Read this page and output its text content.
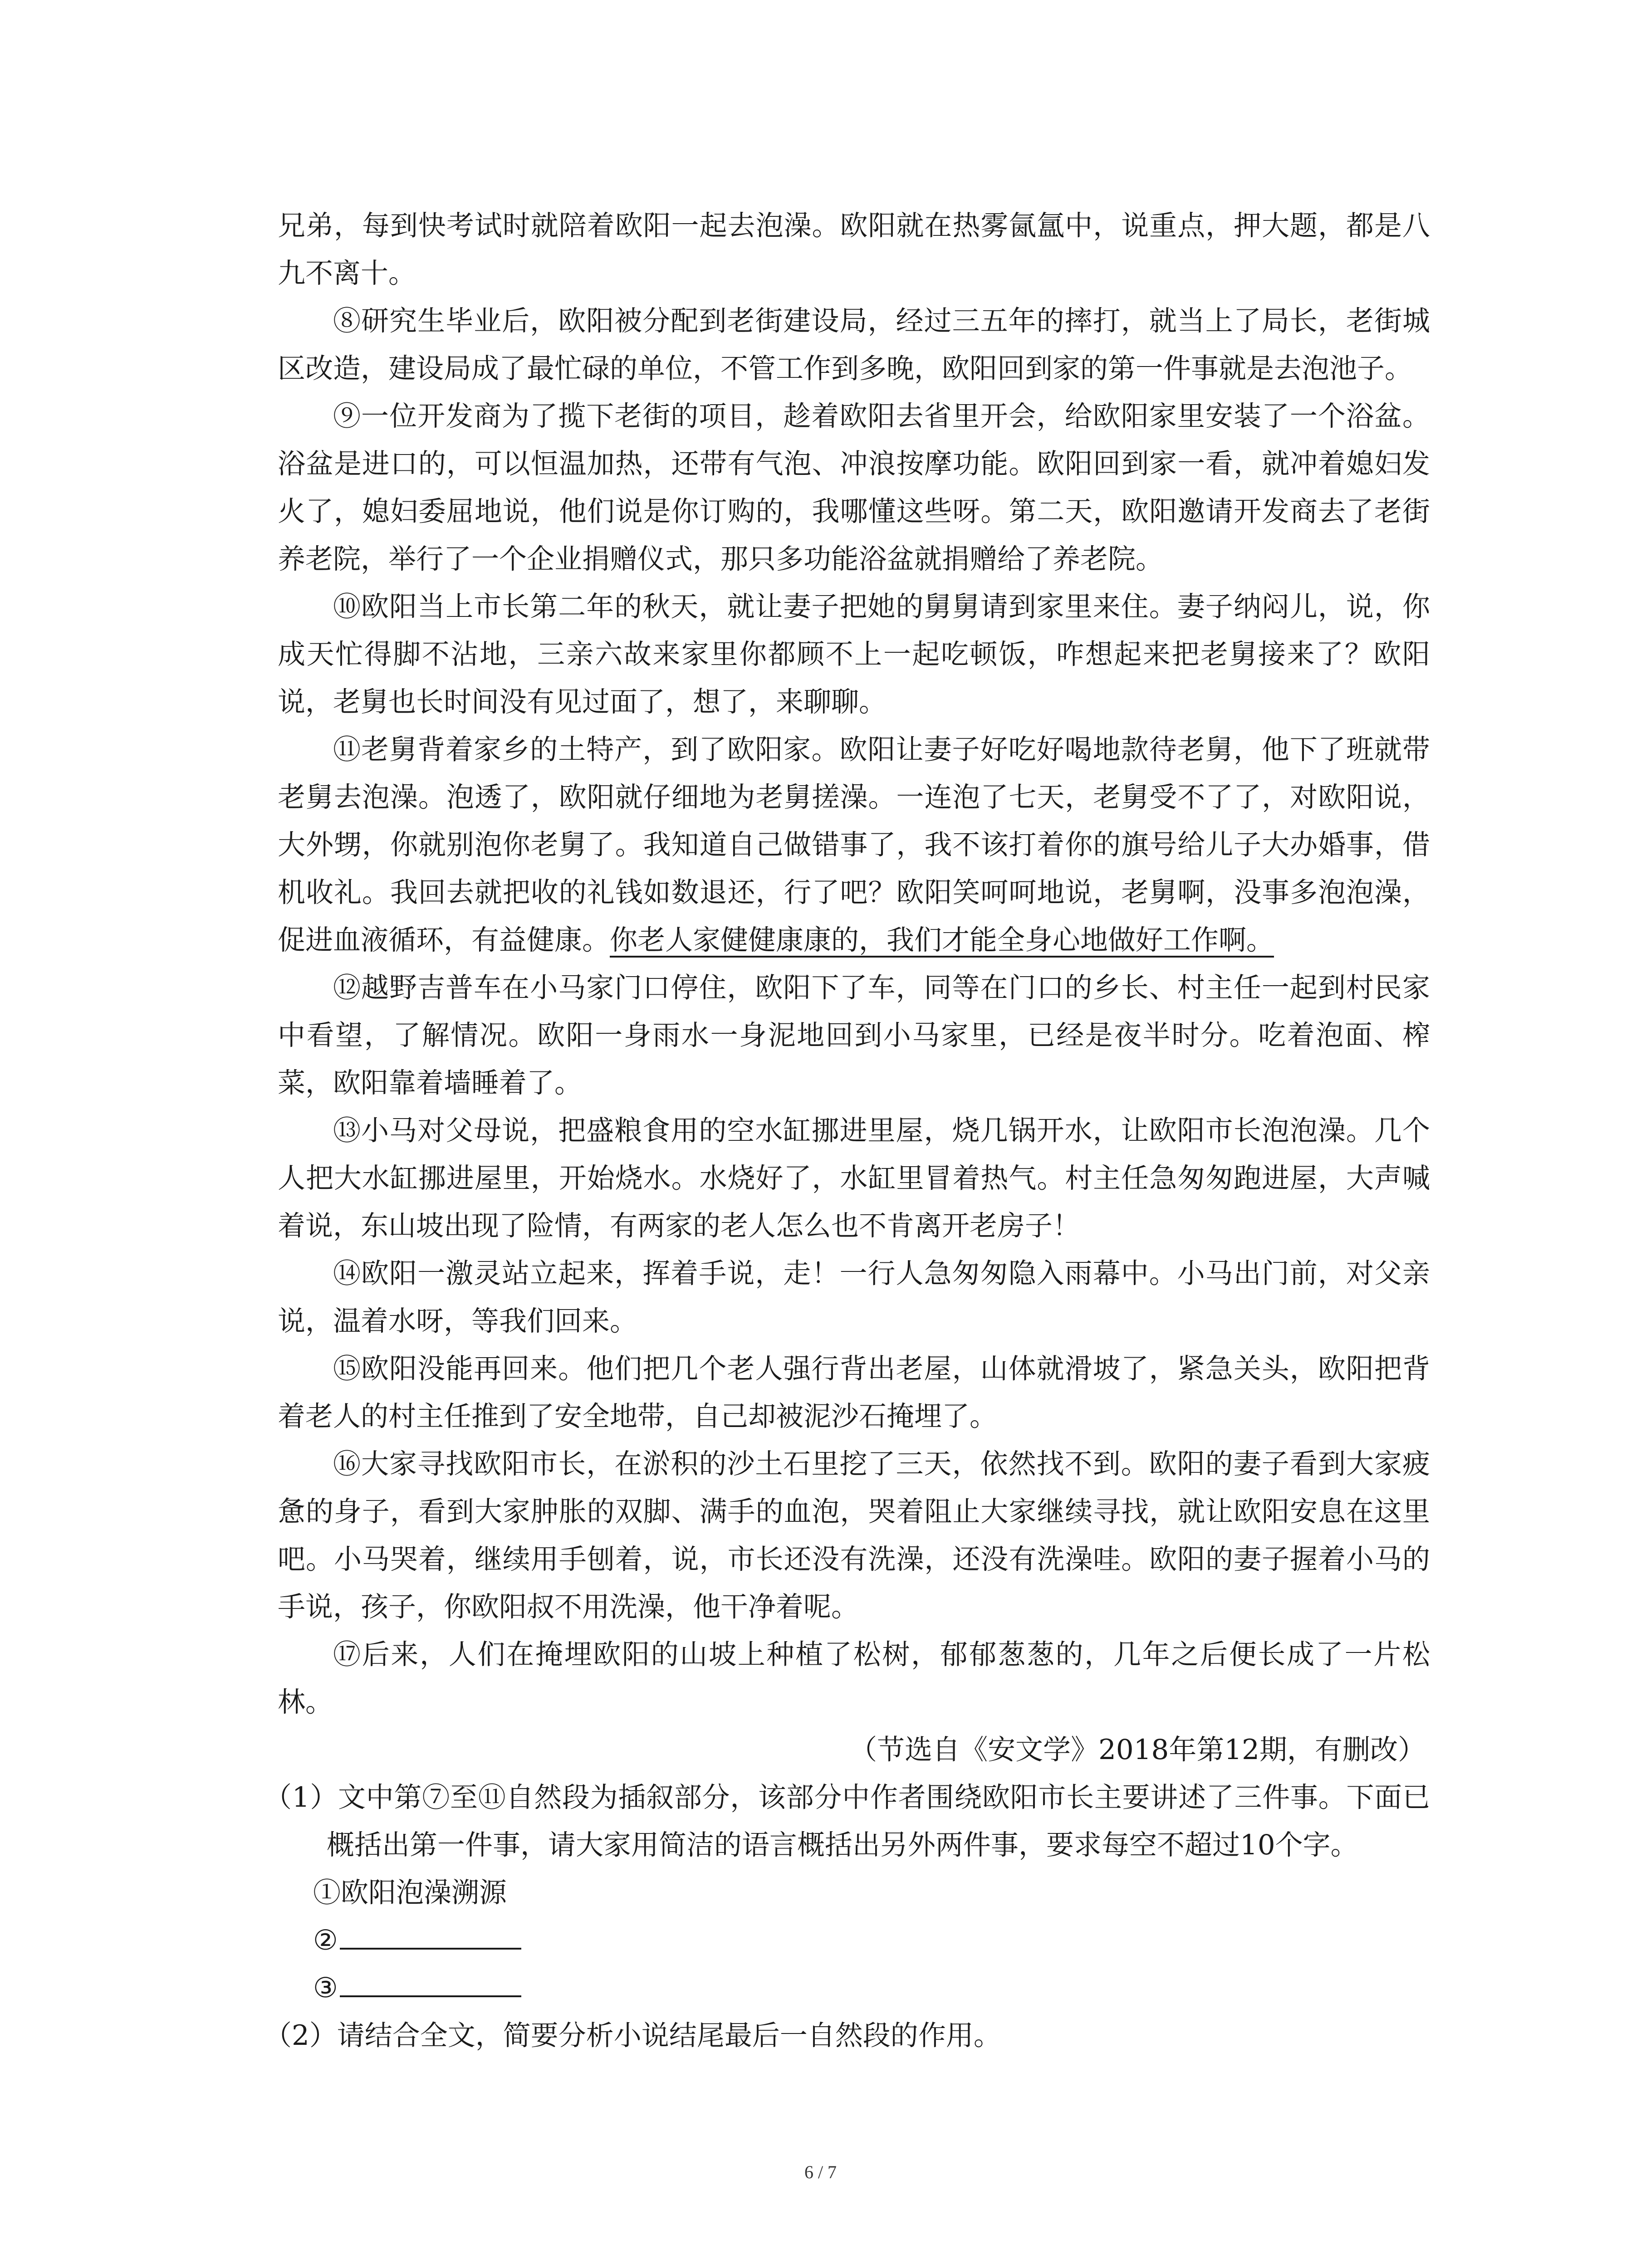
兄弟，每到快考试时就陪着欧阳一起去泡澡。欧阳就在热雾氤氲中，说重点，押大题，都是八九不离十。

⑧研究生毕业后，欧阳被分配到老街建设局，经过三五年的摔打，就当上了局长，老街城区改造，建设局成了最忙碌的单位，不管工作到多晚，欧阳回到家的第一件事就是去泡池子。

⑨一位开发商为了揽下老街的项目，趁着欧阳去省里开会，给欧阳家里安装了一个浴盆。浴盆是进口的，可以恒温加热，还带有气泡、冲浪按摩功能。欧阳回到家一看，就冲着媳妇发火了，媳妇委屈地说，他们说是你订购的，我哪懂这些呀。第二天，欧阳邀请开发商去了老街养老院，举行了一个企业捐赠仪式，那只多功能浴盆就捐赠给了养老院。

⑩欧阳当上市长第二年的秋天，就让妻子把她的舅舅请到家里来住。妻子纳闷儿，说，你成天忙得脚不沾地，三亲六故来家里你都顾不上一起吃顿饭，咋想起来把老舅接来了？欧阳说，老舅也长时间没有见过面了，想了，来聊聊。

⑪老舅背着家乡的土特产，到了欧阳家。欧阳让妻子好吃好喝地款待老舅，他下了班就带老舅去泡澡。泡透了，欧阳就仔细地为老舅搓澡。一连泡了七天，老舅受不了了，对欧阳说，大外甥，你就别泡你老舅了。我知道自己做错事了，我不该打着你的旗号给儿子大办婚事，借机收礼。我回去就把收的礼钱如数退还，行了吧？欧阳笑呵呵地说，老舅啊，没事多泡泡澡，促进血液循环，有益健康。你老人家健健康康的，我们才能全身心地做好工作啊。

⑫越野吉普车在小马家门口停住，欧阳下了车，同等在门口的乡长、村主任一起到村民家中看望，了解情况。欧阳一身雨水一身泥地回到小马家里，已经是夜半时分。吃着泡面、榨菜，欧阳靠着墙睡着了。

⑬小马对父母说，把盛粮食用的空水缸挪进里屋，烧几锅开水，让欧阳市长泡泡澡。几个人把大水缸挪进屋里，开始烧水。水烧好了，水缸里冒着热气。村主任急匆匆跑进屋，大声喊着说，东山坡出现了险情，有两家的老人怎么也不肯离开老房子！

⑭欧阳一激灵站立起来，挥着手说，走！一行人急匆匆隐入雨幕中。小马出门前，对父亲说，温着水呀，等我们回来。

⑮欧阳没能再回来。他们把几个老人强行背出老屋，山体就滑坡了，紧急关头，欧阳把背着老人的村主任推到了安全地带，自己却被泥沙石掩埋了。

⑯大家寻找欧阳市长，在淤积的沙土石里挖了三天，依然找不到。欧阳的妻子看到大家疲惫的身子，看到大家肿胀的双脚、满手的血泡，哭着阻止大家继续寻找，就让欧阳安息在这里吧。小马哭着，继续用手刨着，说，市长还没有洗澡，还没有洗澡哇。欧阳的妻子握着小马的手说，孩子，你欧阳叔不用洗澡，他干净着呢。

⑰后来，人们在掩埋欧阳的山坡上种植了松树，郁郁葱葱的，几年之后便长成了一片松林。

（节选自《安文学》2018年第12期，有删改）

（1）文中第⑦至⑪自然段为插叙部分，该部分中作者围绕欧阳市长主要讲述了三件事。下面已概括出第一件事，请大家用简洁的语言概括出另外两件事，要求每空不超过10个字。

①欧阳泡澡溯源

②

③

（2）请结合全文，简要分析小说结尾最后一自然段的作用。

6 / 7
